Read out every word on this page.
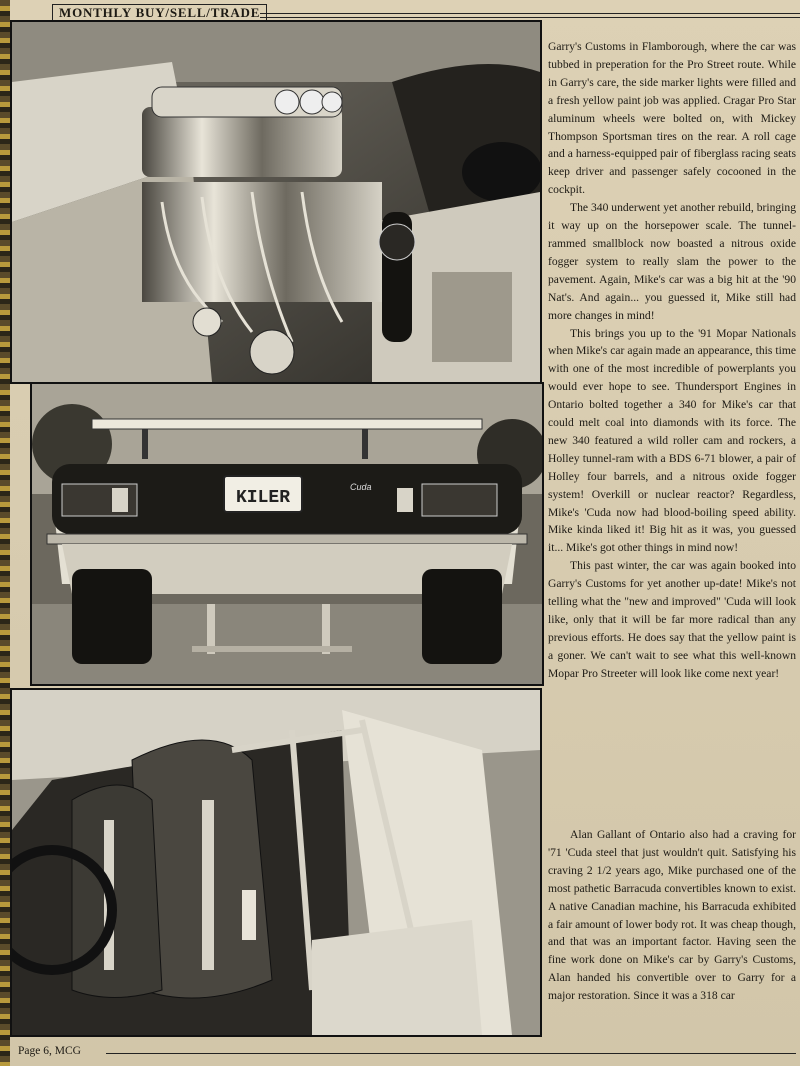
MONTHLY BUY/SELL/TRADE
KILER
Cuda

Garry's Customs in Flamborough, where the car was tubbed in preperation for the Pro Street route. While in Garry's care, the side marker lights were filled and a fresh yellow paint job was applied. Cragar Pro Star aluminum wheels were bolted on, with Mickey Thompson Sportsman tires on the rear. A roll cage and a harness-equipped pair of fiberglass racing seats keep driver and passenger safely cocooned in the cockpit.

The 340 underwent yet another rebuild, bringing it way up on the horsepower scale. The tunnel-rammed smallblock now boasted a nitrous oxide fogger system to really slam the power to the pavement. Again, Mike's car was a big hit at the '90 Nat's. And again... you guessed it, Mike still had more changes in mind!

This brings you up to the '91 Mopar Nationals when Mike's car again made an appearance, this time with one of the most incredible of powerplants you would ever hope to see. Thundersport Engines in Ontario bolted together a 340 for Mike's car that could melt coal into diamonds with its force. The new 340 featured a wild roller cam and rockers, a Holley tunnel-ram with a BDS 6-71 blower, a pair of Holley four barrels, and a nitrous oxide fogger system! Overkill or nuclear reactor? Regardless, Mike's 'Cuda now had blood-boiling speed ability. Mike kinda liked it! Big hit as it was, you guessed it... Mike's got other things in mind now!

This past winter, the car was again booked into Garry's Customs for yet another up-date! Mike's not telling what the "new and improved" 'Cuda will look like, only that it will be far more radical than any previous efforts. He does say that the yellow paint is a goner. We can't wait to see what this well-known Mopar Pro Streeter will look like come next year!

Alan Gallant of Ontario also had a craving for '71 'Cuda steel that just wouldn't quit. Satisfying his craving 2 1/2 years ago, Mike purchased one of the most pathetic Barracuda convertibles known to exist. A native Canadian machine, his Barracuda exhibited a fair amount of lower body rot. It was cheap though, and that was an important factor. Having seen the fine work done on Mike's car by Garry's Customs, Alan handed his convertible over to Garry for a major restoration. Since it was a 318 car

Page 6, MCG
